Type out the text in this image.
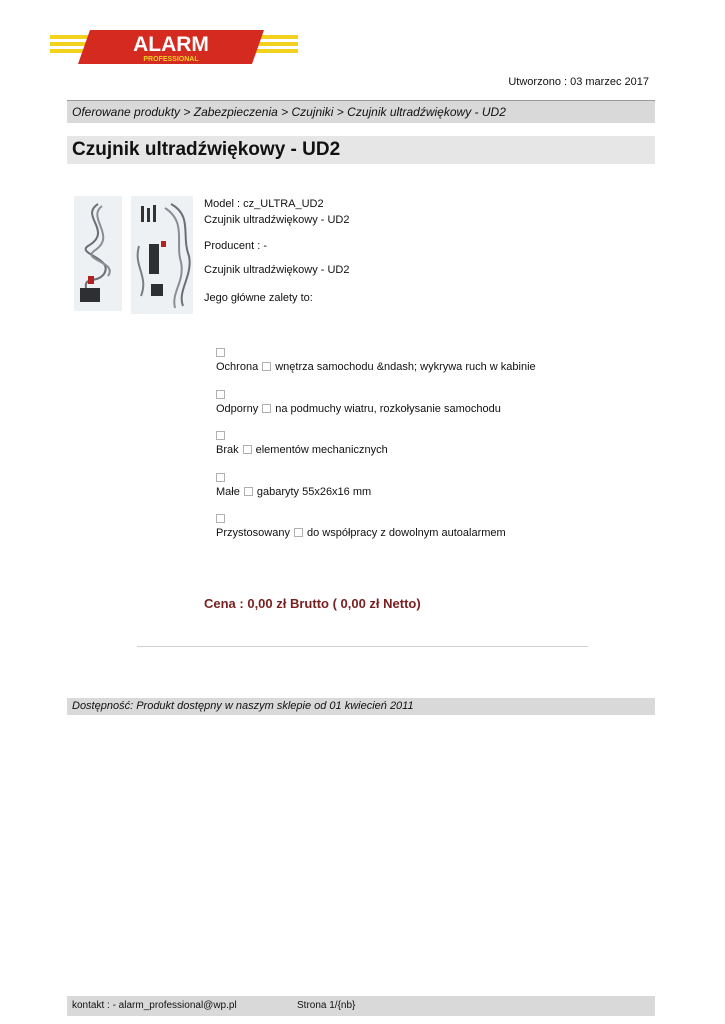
ALARM
PROFESSIONAL
Utworzono : 03 marzec 2017
Oferowane produkty > Zabezpieczenia > Czujniki > Czujnik ultradźwiękowy - UD2
Czujnik ultradźwiękowy - UD2
Model : cz_ULTRA_UD2
Czujnik ultradźwiękowy - UD2
Producent : -
Czujnik ultradźwiękowy - UD2
Jego główne zalety to:
Ochrona wnętrza samochodu &ndash; wykrywa ruch w kabinie
Odporny na podmuchy wiatru, rozkołysanie samochodu
Brak elementów mechanicznych
Małe gabaryty 55x26x16 mm
Przystosowany do współpracy z dowolnym autoalarmem
Cena : 0,00 zł Brutto ( 0,00 zł Netto)
Dostępność: Produkt dostępny w naszym sklepie od 01 kwiecień 2011
kontakt : - alarm_professional@wp.pl	Strona 1/{nb}
